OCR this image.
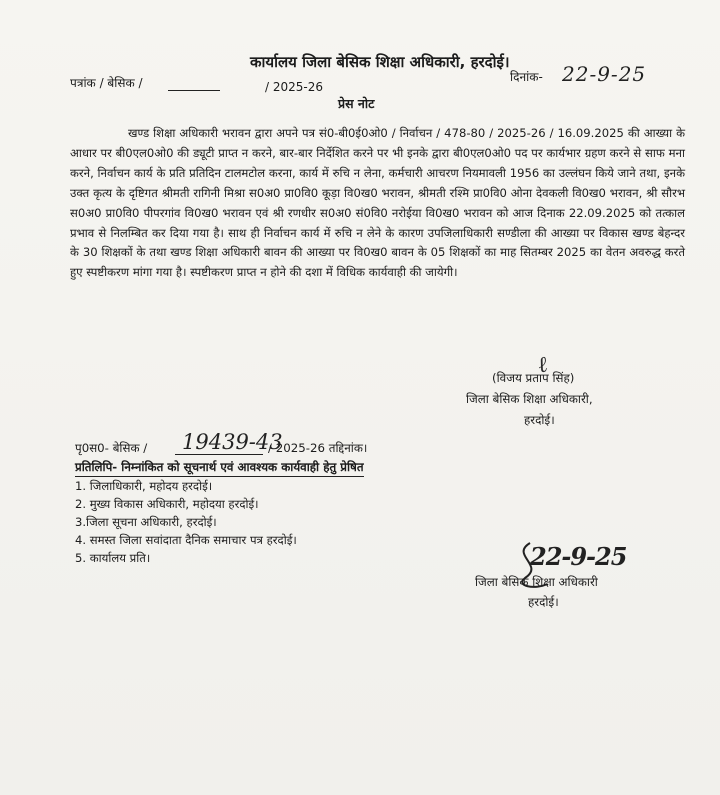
कार्यालय जिला बेसिक शिक्षा अधिकारी, हरदोई।
पत्रांक / बेसिक /	/ 2025-26
दिनांक- 22-9-25
प्रेस नोट

खण्ड शिक्षा अधिकारी भरावन द्वारा अपने पत्र सं0-बी0ई0ओ0 / निर्वाचन / 478-80 / 2025-26 / 16.09.2025 की आख्या के आधार पर बी0एल0ओ0 की ड्यूटी प्राप्त न करने, बार-बार निर्देशित करने पर भी इनके द्वारा बी0एल0ओ0 पद पर कार्यभार ग्रहण करने से साफ मना करने, निर्वाचन कार्य के प्रति प्रतिदिन टालमटोल करना, कार्य में रुचि न लेना, कर्मचारी आचरण नियमावली 1956 का उल्लंघन किये जाने तथा, इनके उक्त कृत्य के दृष्टिगत श्रीमती रागिनी मिश्रा स0अ0 प्रा0वि0 कूड़ा वि0ख0 भरावन, श्रीमती रश्मि प्रा0वि0 ओना देवकली वि0ख0 भरावन, श्री सौरभ स0अ0 प्रा0वि0 पीपरगांव वि0ख0 भरावन एवं श्री रणधीर स0अ0 सं0वि0 नरोईया वि0ख0 भरावन को आज दिनाक 22.09.2025 को तत्काल प्रभाव से निलम्बित कर दिया गया है। साथ ही निर्वाचन कार्य में रुचि न लेने के कारण उपजिलाधिकारी सण्डीला की आख्या पर विकास खण्ड बेहन्दर के 30 शिक्षकों के तथा खण्ड शिक्षा अधिकारी बावन की आख्या पर वि0ख0 बावन के 05 शिक्षकों का माह सितम्बर 2025 का वेतन अवरुद्ध करते हुए स्पष्टीकरण मांगा गया है। स्पष्टीकरण प्राप्त न होने की दशा में विधिक कार्यवाही की जायेगी।

ℓ
(विजय प्रताप सिंह)
जिला बेसिक शिक्षा अधिकारी,
हरदोई।
पृ0स0- बेसिक / 19439-43
/ 2025-26 तद्दिनांक।
प्रतिलिपि- निम्नांकित को सूचनार्थ एवं आवश्यक कार्यवाही हेतु प्रेषित
1. जिलाधिकारी, महोदय हरदोई।
2. मुख्य विकास अधिकारी, महोदया हरदोई।
3.जिला सूचना अधिकारी, हरदोई।
4. समस्त जिला सवांदाता दैनिक समाचार पत्र हरदोई।
5. कार्यालय प्रति।	22-9-25
जिला बेसिक शिक्षा अधिकारी
हरदोई।
